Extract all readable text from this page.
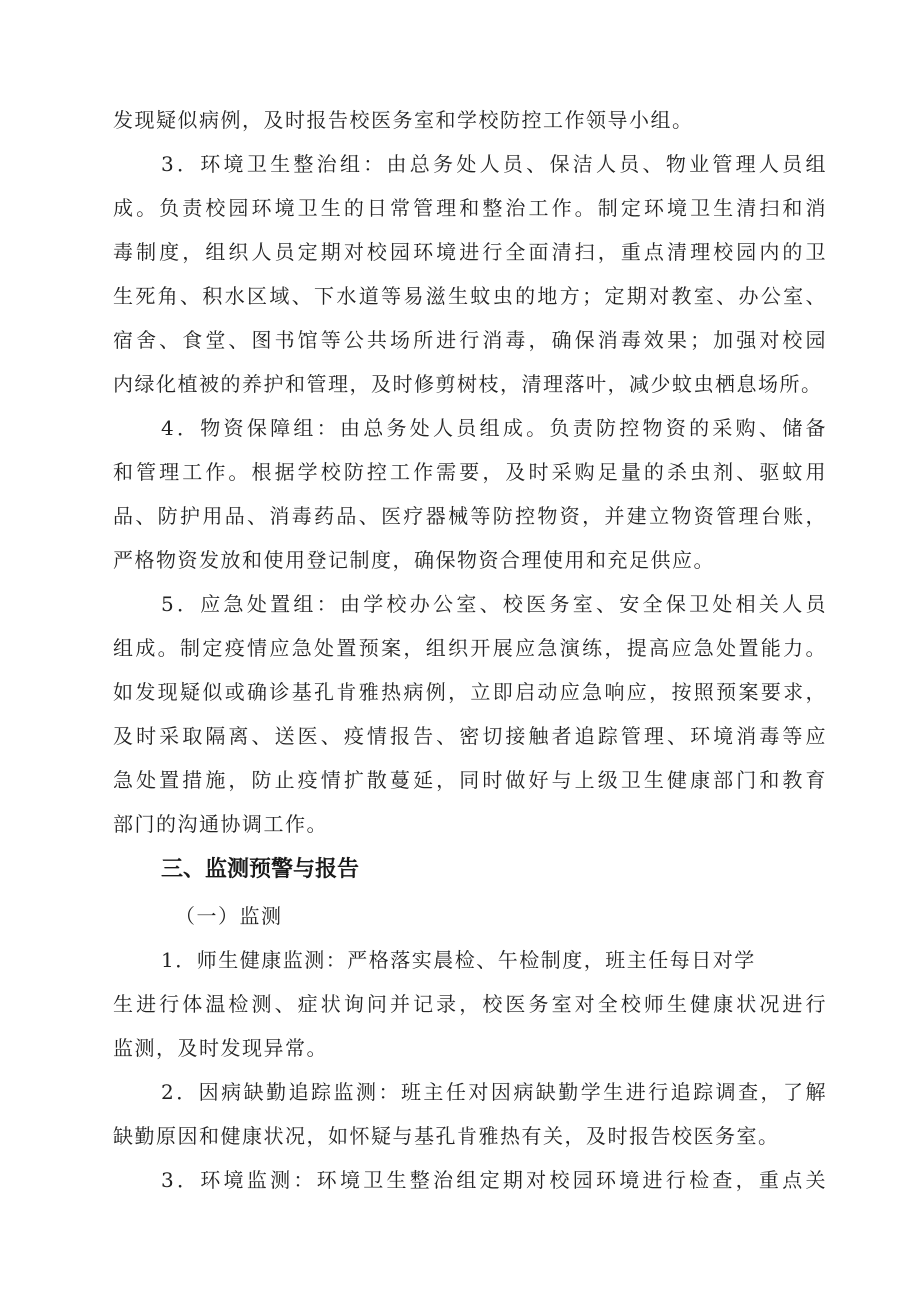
发现疑似病例，及时报告校医务室和学校防控工作领导小组。
3．环境卫生整治组：由总务处人员、保洁人员、物业管理人员组
成。负责校园环境卫生的日常管理和整治工作。制定环境卫生清扫和消
毒制度，组织人员定期对校园环境进行全面清扫，重点清理校园内的卫
生死角、积水区域、下水道等易滋生蚊虫的地方；定期对教室、办公室、
宿舍、食堂、图书馆等公共场所进行消毒，确保消毒效果；加强对校园
内绿化植被的养护和管理，及时修剪树枝，清理落叶，减少蚊虫栖息场所。
4．物资保障组：由总务处人员组成。负责防控物资的采购、储备
和管理工作。根据学校防控工作需要，及时采购足量的杀虫剂、驱蚊用
品、防护用品、消毒药品、医疗器械等防控物资，并建立物资管理台账，
严格物资发放和使用登记制度，确保物资合理使用和充足供应。
5．应急处置组：由学校办公室、校医务室、安全保卫处相关人员
组成。制定疫情应急处置预案，组织开展应急演练，提高应急处置能力。
如发现疑似或确诊基孔肯雅热病例，立即启动应急响应，按照预案要求，
及时采取隔离、送医、疫情报告、密切接触者追踪管理、环境消毒等应
急处置措施，防止疫情扩散蔓延，同时做好与上级卫生健康部门和教育
部门的沟通协调工作。
三、监测预警与报告
（一）监测
1．师生健康监测：严格落实晨检、午检制度，班主任每日对学
生进行体温检测、症状询问并记录，校医务室对全校师生健康状况进行
监测，及时发现异常。
2．因病缺勤追踪监测：班主任对因病缺勤学生进行追踪调查，了解
缺勤原因和健康状况，如怀疑与基孔肯雅热有关，及时报告校医务室。
3．环境监测：环境卫生整治组定期对校园环境进行检查，重点关
